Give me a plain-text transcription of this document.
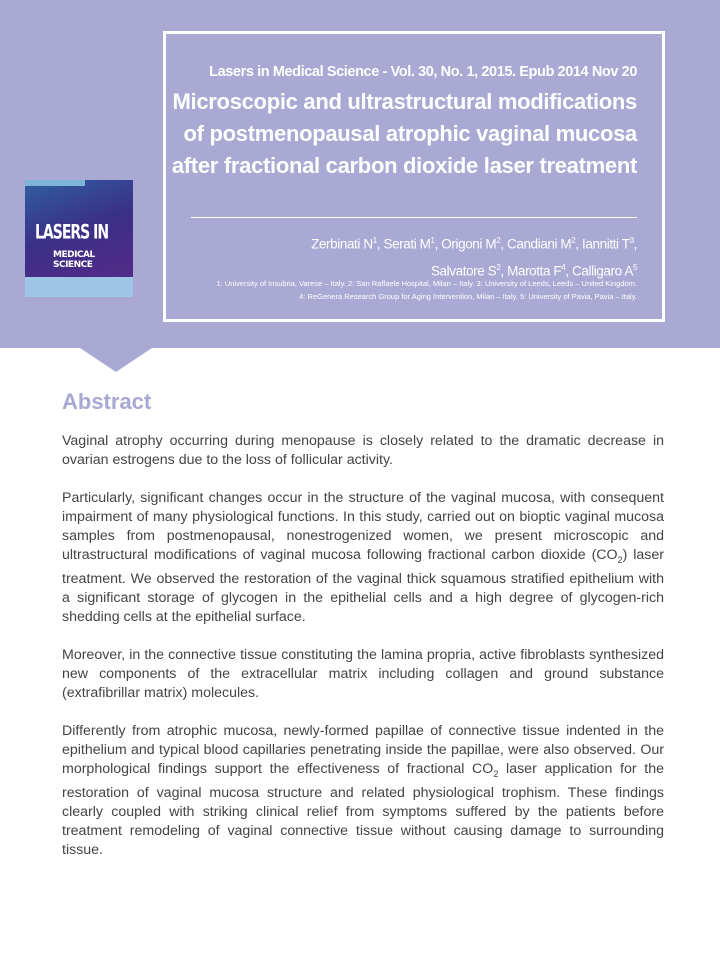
LASERS IN
MEDICAL SCIENCE
Lasers in Medical Science - Vol. 30, No. 1, 2015. Epub 2014 Nov 20
Microscopic and ultrastructural modifications of postmenopausal atrophic vaginal mucosa after fractional carbon dioxide laser treatment
Zerbinati $N^1$, Serati $M^1$, Origoni $M^2$, Candiani $M^2$, Iannitti $T^3$,
Salvatore $S^2$, Marotta $F^4$, Calligaro $A^5$
1: University of Insubria, Varese – Italy. 2: San Raffaele Hospital, Milan – Italy. 3: University of Leeds, Leeds – United Kingdom.
4: ReGenera Research Group for Aging Intervention, Milan – Italy. 5: University of Pavia, Pavia – Italy.
Abstract

Vaginal atrophy occurring during menopause is closely related to the dramatic decrease in ovarian estrogens due to the loss of follicular activity.

Particularly, significant changes occur in the structure of the vaginal mucosa, with consequent impairment of many physiological functions. In this study, carried out on bioptic vaginal mucosa samples from postmenopausal, nonestrogenized women, we present microscopic and ultrastructural modifications of vaginal mucosa following fractional carbon dioxide $(CO_2)$ laser treatment. We observed the restoration of the vaginal thick squamous stratified epithelium with a significant storage of glycogen in the epithelial cells and a high degree of glycogen-rich shedding cells at the epithelial surface.

Moreover, in the connective tissue constituting the lamina propria, active fibroblasts synthesized new components of the extracellular matrix including collagen and ground substance (extrafibrillar matrix) molecules.

Differently from atrophic mucosa, newly-formed papillae of connective tissue indented in the epithelium and typical blood capillaries penetrating inside the papillae, were also observed. Our morphological findings support the effectiveness of fractional $CO_2$ laser application for the restoration of vaginal mucosa structure and related physiological trophism. These findings clearly coupled with striking clinical relief from symptoms suffered by the patients before treatment remodeling of vaginal connective tissue without causing damage to surrounding tissue.
